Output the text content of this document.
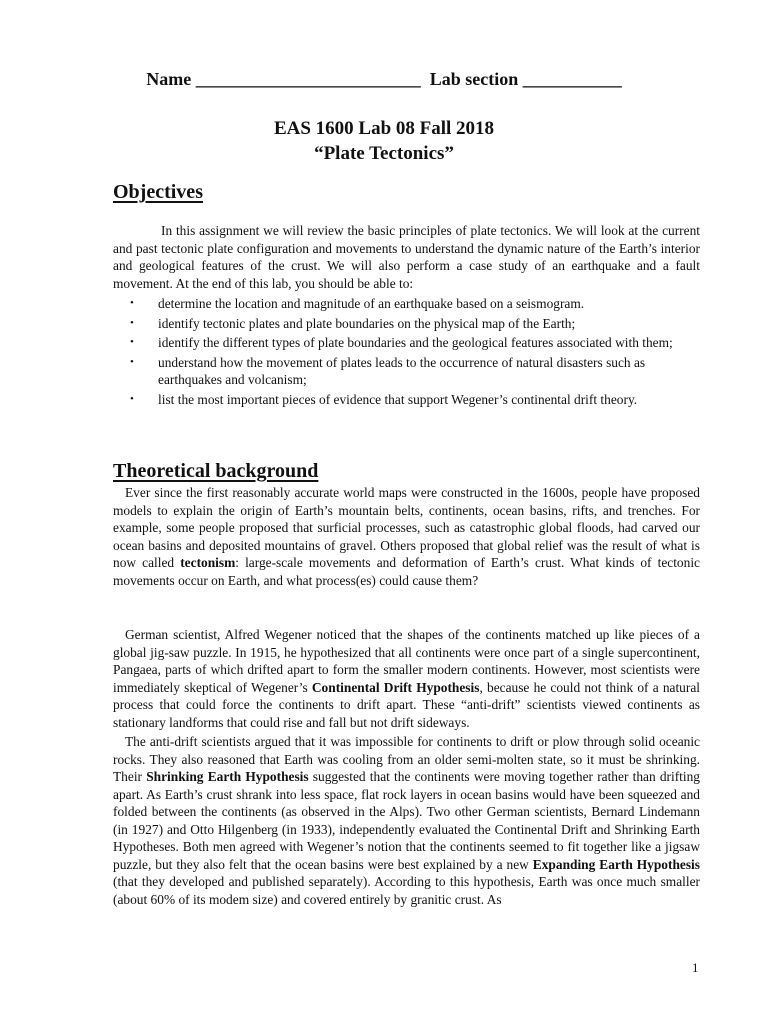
Name _________________________  Lab section ___________
EAS 1600 Lab 08 Fall 2018
“Plate Tectonics”
Objectives

In this assignment we will review the basic principles of plate tectonics. We will look at the current and past tectonic plate configuration and movements to understand the dynamic nature of the Earth’s interior and geological features of the crust. We will also perform a case study of an earthquake and a fault movement. At the end of this lab, you should be able to:

• determine the location and magnitude of an earthquake based on a seismogram.
• identify tectonic plates and plate boundaries on the physical map of the Earth;
• identify the different types of plate boundaries and the geological features associated with them;
• understand how the movement of plates leads to the occurrence of natural disasters such as earthquakes and volcanism;
• list the most important pieces of evidence that support Wegener’s continental drift theory.
Theoretical background

Ever since the first reasonably accurate world maps were constructed in the 1600s, people have proposed models to explain the origin of Earth’s mountain belts, continents, ocean basins, rifts, and trenches. For example, some people proposed that surficial processes, such as catastrophic global floods, had carved our ocean basins and deposited mountains of gravel. Others proposed that global relief was the result of what is now called tectonism: large-scale movements and deformation of Earth’s crust. What kinds of tectonic movements occur on Earth, and what process(es) could cause them?

German scientist, Alfred Wegener noticed that the shapes of the continents matched up like pieces of a global jig-saw puzzle. In 1915, he hypothesized that all continents were once part of a single supercontinent, Pangaea, parts of which drifted apart to form the smaller modern continents. However, most scientists were immediately skeptical of Wegener’s Continental Drift Hypothesis, because he could not think of a natural process that could force the continents to drift apart. These “anti-drift” scientists viewed continents as stationary landforms that could rise and fall but not drift sideways.

The anti-drift scientists argued that it was impossible for continents to drift or plow through solid oceanic rocks. They also reasoned that Earth was cooling from an older semi-molten state, so it must be shrinking. Their Shrinking Earth Hypothesis suggested that the continents were moving together rather than drifting apart. As Earth’s crust shrank into less space, flat rock layers in ocean basins would have been squeezed and folded between the continents (as observed in the Alps). Two other German scientists, Bernard Lindemann (in 1927) and Otto Hilgenberg (in 1933), independently evaluated the Continental Drift and Shrinking Earth Hypotheses. Both men agreed with Wegener’s notion that the continents seemed to fit together like a jigsaw puzzle, but they also felt that the ocean basins were best explained by a new Expanding Earth Hypothesis (that they developed and published separately). According to this hypothesis, Earth was once much smaller (about 60% of its modem size) and covered entirely by granitic crust. As

1
